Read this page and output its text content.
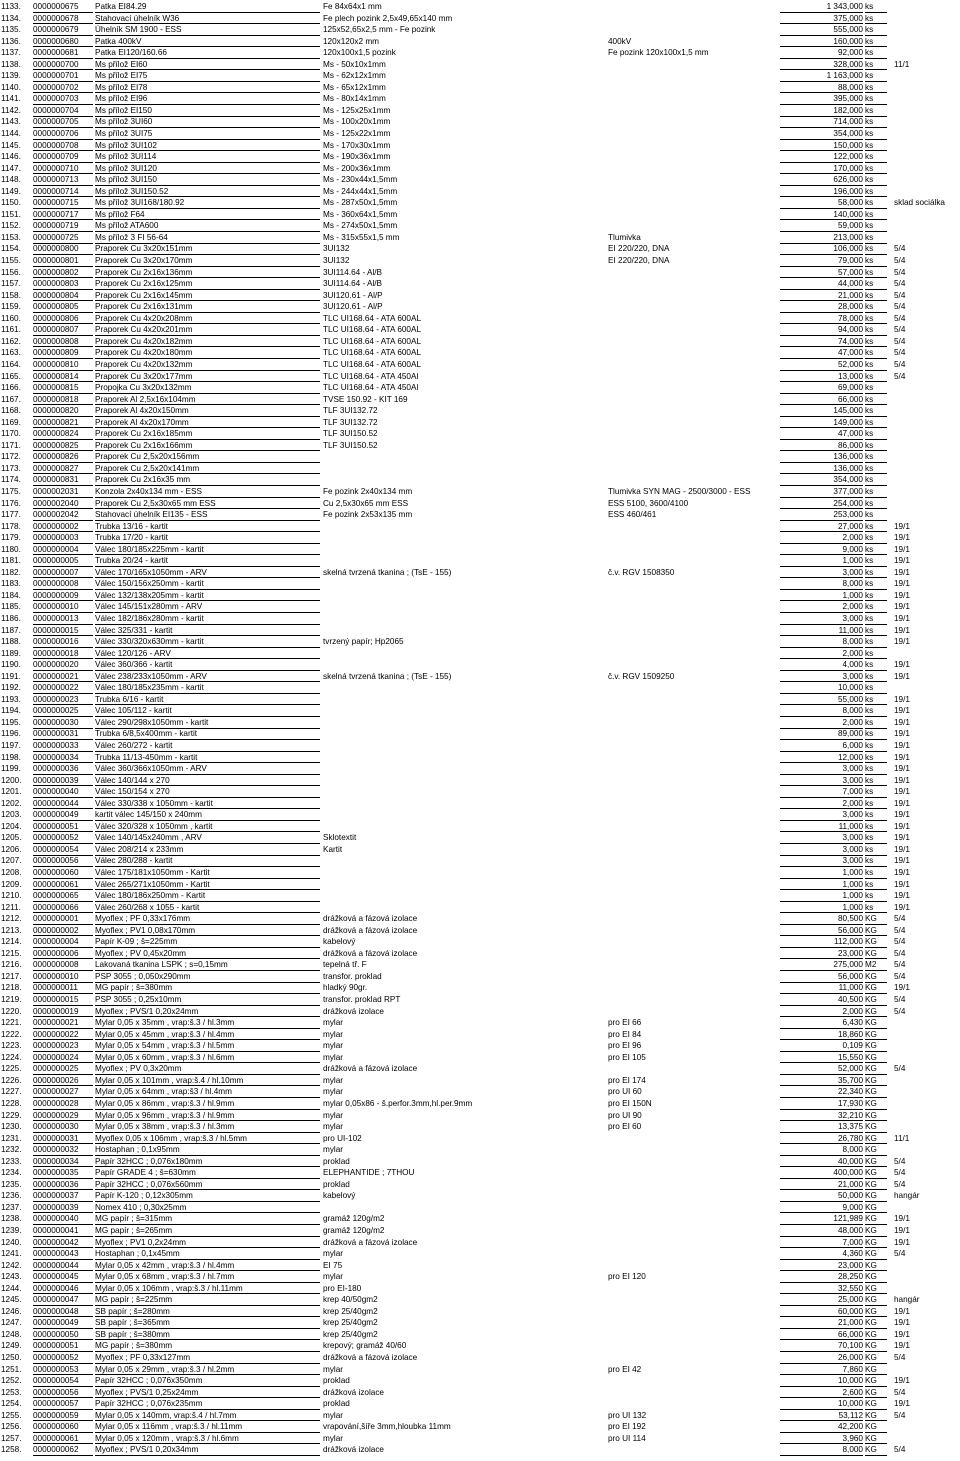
1133.	0000000675	Patka EI84.29	Fe 84x64x1 mm	1 343,000 ks
1134.	0000000678	Stahovací úhelník W36	Fe plech pozink 2,5x49,65x140 mm	375,000 ks
1135.	0000000679	Úhelník SM 1900 - ESS	125x52,65x2,5 mm - Fe pozink	555,000 ks
1136.	0000000680	Patka 400kV	120x120x2 mm	400kV	160,000 ks
1137.	0000000681	Patka EI120/160.66	120x100x1,5 pozink	Fe pozink 120x100x1,5 mm	92,000 ks
1138.	0000000700	Ms přílož EI60	Ms - 50x10x1mm	328,000 ks	11/1
1139.	0000000701	Ms přílož EI75	Ms - 62x12x1mm	1 163,000 ks
1140.	0000000702	Ms přílož EI78	Ms - 65x12x1mm	88,000 ks
1141.	0000000703	Ms přílož EI96	Ms - 80x14x1mm	395,000 ks
1142.	0000000704	Ms přílož EI150	Ms - 125x25x1mm	182,000 ks
1143.	0000000705	Ms přílož 3UI60	Ms - 100x20x1mm	714,000 ks
1144.	0000000706	Ms přílož 3UI75	Ms - 125x22x1mm	354,000 ks
1145.	0000000708	Ms přílož 3UI102	Ms - 170x30x1mm	150,000 ks
1146.	0000000709	Ms přílož 3UI114	Ms - 190x36x1mm	122,000 ks
1147.	0000000710	Ms přílož 3UI120	Ms - 200x36x1mm	170,000 ks
1148.	0000000713	Ms přílož 3UI150	Ms - 230x44x1,5mm	626,000 ks
1149.	0000000714	Ms přílož 3UI150.52	Ms - 244x44x1,5mm	196,000 ks
1150.	0000000715	Ms přílož 3UI168/180.92	Ms - 287x50x1,5mm	58,000 ks	sklad sociálka
1151.	0000000717	Ms přílož F64	Ms - 360x64x1,5mm	140,000 ks
1152.	0000000719	Ms přílož ATA600	Ms - 274x50x1,5mm	59,000 ks
1153.	0000000725	Ms přílož 3 FI 56-64	Ms - 315x55x1,5 mm	Tlumivka	213,000 ks
1154.	0000000800	Praporek Cu 3x20x151mm	3UI132	EI 220/220, DNA	106,000 ks	5/4
1155.	0000000801	Praporek Cu 3x20x170mm	3UI132	EI 220/220, DNA	79,000 ks	5/4
1156.	0000000802	Praporek Cu 2x16x136mm	3UI114.64 - Al/B	57,000 ks	5/4
1157.	0000000803	Praporek Cu 2x16x125mm	3UI114.64 - Al/B	44,000 ks	5/4
1158.	0000000804	Praporek Cu 2x16x145mm	3UI120.61 - Al/P	21,000 ks	5/4
1159.	0000000805	Praporek Cu 2x16x131mm	3UI120.61 - Al/P	28,000 ks	5/4
1160.	0000000806	Praporek Cu 4x20x208mm	TLC UI168.64 - ATA 600AL	78,000 ks	5/4
1161.	0000000807	Praporek Cu 4x20x201mm	TLC UI168.64 - ATA 600AL	94,000 ks	5/4
1162.	0000000808	Praporek Cu 4x20x182mm	TLC UI168.64 - ATA 600AL	74,000 ks	5/4
1163.	0000000809	Praporek Cu 4x20x180mm	TLC UI168.64 - ATA 600AL	47,000 ks	5/4
1164.	0000000810	Praporek Cu 4x20x132mm	TLC UI168.64 - ATA 600AL	52,000 ks	5/4
1165.	0000000814	Praporek Cu 3x20x177mm	TLC UI168.64 - ATA 450Al	13,000 ks	5/4
1166.	0000000815	Propojka Cu 3x20x132mm	TLC UI168.64 - ATA 450Al	69,000 ks
1167.	0000000818	Praporek Al 2,5x16x104mm	TVSE 150.92 - KIT 169	66,000 ks
1168.	0000000820	Praporek Al 4x20x150mm	TLF 3UI132.72	145,000 ks
1169.	0000000821	Praporek Al 4x20x170mm	TLF 3UI132.72	149,000 ks
1170.	0000000824	Praporek Cu 2x16x185mm	TLF 3UI150.52	47,000 ks
1171.	0000000825	Praporek Cu 2x16x166mm	TLF 3UI150.52	86,000 ks
1172.	0000000826	Praporek Cu 2,5x20x156mm	136,000 ks
1173.	0000000827	Praporek Cu 2,5x20x141mm	136,000 ks
1174.	0000000831	Praporek Cu 2x16x35 mm	354,000 ks
1175.	0000002031	Konzola 2x40x134 mm - ESS	Fe pozink 2x40x134 mm	Tlumivka SYN MAG - 2500/3000 - ESS	377,000 ks
1176.	0000002040	Praporek Cu 2,5x30x65 mm ESS	Cu 2,5x30x65 mm ESS	ESS 5100, 3600/4100	254,000 ks
1177.	0000002042	Stahovací úhelník EI135 - ESS	Fe pozink 2x53x135 mm	ESS 460/461	253,000 ks
1178.	0000000002	Trubka 13/16 - kartit	27,000 ks	19/1
1179.	0000000003	Trubka 17/20 - kartit	2,000 ks	19/1
1180.	0000000004	Válec 180/185x225mm - kartit	9,000 ks	19/1
1181.	0000000005	Trubka 20/24 - kartit	1,000 ks	19/1
1182.	0000000007	Válec 170/165x1050mm - ARV	skelná tvrzená tkanina ; (TsE - 155)	č.v. RGV 1508350	3,000 ks	19/1
1183.	0000000008	Válec 150/156x250mm - kartit	8,000 ks	19/1
1184.	0000000009	Válec 132/138x205mm - kartit	1,000 ks	19/1
1185.	0000000010	Válec 145/151x280mm - ARV	2,000 ks	19/1
1186.	0000000013	Válec 182/186x280mm - kartit	3,000 ks	19/1
1187.	0000000015	Válec 325/331 - kartit	11,000 ks	19/1
1188.	0000000016	Válec 330/320x630mm - kartit	tvrzený papír; Hp2065	8,000 ks	19/1
1189.	0000000018	Válec 120/126 - ARV	2,000 ks
1190.	0000000020	Válec 360/366 - kartit	4,000 ks	19/1
1191.	0000000021	Válec 238/233x1050mm - ARV	skelná tvrzená tkanina ; (TsE - 155)	č.v. RGV 1509250	3,000 ks	19/1
1192.	0000000022	Válec 180/185x235mm - kartit	10,000 ks
1193.	0000000023	Trubka 6/16 - kartit	55,000 ks	19/1
1194.	0000000025	Válec 105/112 - kartit	8,000 ks	19/1
1195.	0000000030	Válec 290/298x1050mm - kartit	2,000 ks	19/1
1196.	0000000031	Trubka 6/8,5x400mm - kartit	89,000 ks	19/1
1197.	0000000033	Válec 260/272 - kartit	6,000 ks	19/1
1198.	0000000034	Trubka 11/13-450mm - kartit	12,000 ks	19/1
1199.	0000000036	Válec 360/366x1050mm - ARV	3,000 ks	19/1
1200.	0000000039	Válec 140/144 x 270	3,000 ks	19/1
1201.	0000000040	Válec 150/154 x 270	7,000 ks	19/1
1202.	0000000044	Válec 330/338 x 1050mm - kartit	2,000 ks	19/1
1203.	0000000049	kartit válec 145/150 x 240mm	3,000 ks	19/1
1204.	0000000051	Válec 320/328 x 1050mm , kartit	11,000 ks	19/1
1205.	0000000052	Válec 140/145x240mm , ARV	Sklotextit	3,000 ks	19/1
1206.	0000000054	Válec 208/214 x 233mm	Kartit	3,000 ks	19/1
1207.	0000000056	Válec 280/288 - kartit	3,000 ks	19/1
1208.	0000000060	Válec 175/181x1050mm - Kartit	1,000 ks	19/1
1209.	0000000061	Válec 265/271x1050mm - Kartit	1,000 ks	19/1
1210.	0000000065	Válec 180/186x250mm - Kartit	1,000 ks	19/1
1211.	0000000066	Válec 260/268 x 1055 - kartit	1,000 ks	19/1
1212.	0000000001	Myoflex ; PF 0,33x176mm	drážková a fázová izolace	80,500 KG	5/4
1213.	0000000002	Myoflex ; PV1 0,08x170mm	drážková a fázová izolace	56,000 KG	5/4
1214.	0000000004	Papír K-09 ; š=225mm	kabelový	112,000 KG	5/4
1215.	0000000006	Myoflex ; PV 0,45x20mm	drážková a fázová izolace	23,000 KG	5/4
1216.	0000000008	Lakovaná tkanina LSPK ; s=0,15mm	tepelná tř. F	275,000 M2	5/4
1217.	0000000010	PSP 3055 ; 0,050x290mm	transfor. proklad	56,000 KG	5/4
1218.	0000000011	MG papír ; š=380mm	hladký 90gr.	11,000 KG	19/1
1219.	0000000015	PSP 3055 ; 0,25x10mm	transfor. proklad RPT	40,500 KG	5/4
1220.	0000000019	Myoflex ; PVS/1 0,20x24mm	drážková izolace	2,000 KG	5/4
1221.	0000000021	Mylar 0,05 x 35mm , vrap:š.3 / hl.3mm	mylar	pro EI 66	6,430 KG
1222.	0000000022	Mylar 0,05 x 45mm , vrap:š.3 / hl.4mm	mylar	pro EI 84	18,860 KG
1223.	0000000023	Mylar 0,05 x 54mm , vrap:š.3 / hl.5mm	mylar	pro EI 96	0,109 KG
1224.	0000000024	Mylar 0,05 x 60mm , vrap:š.3 / hl.6mm	mylar	pro EI 105	15,550 KG
1225.	0000000025	Myoflex ; PV 0,3x20mm	drážková a fázová izolace	52,000 KG	5/4
1226.	0000000026	Mylar 0,05 x 101mm , vrap:š.4 / hl.10mm	mylar	pro EI 174	35,700 KG
1227.	0000000027	Mylar 0,05 x 64mm , vrap:š3 / hl.4mm	mylar	pro UI 60	22,340 KG
1228.	0000000028	Mylar 0,05 x 86mm , vrap:š.3 / hl.9mm	mylar 0,05x86 - š.perfor.3mm,hl.per.9mm	pro EI 150N	17,930 KG
1229.	0000000029	Mylar 0,05 x 96mm , vrap:š.3 / hl.9mm	mylar	pro UI 90	32,210 KG
1230.	0000000030	Mylar 0,05 x 38mm , vrap:š.3 / hl.3mm	mylar	pro EI 60	13,375 KG
1231.	0000000031	Myoflex 0,05 x 106mm , vrap:š.3 / hl.5mm	pro UI-102	26,780 KG	11/1
1232.	0000000032	Hostaphan ; 0,1x95mm	mylar	8,000 KG
1233.	0000000034	Papír 32HCC ; 0,076x180mm	proklad	40,000 KG	5/4
1234.	0000000035	Papír GRADE 4 ; š=630mm	ELEPHANTIDE ; 7THOU	400,000 KG	5/4
1235.	0000000036	Papír 32HCC ; 0,076x560mm	proklad	21,000 KG	5/4
1236.	0000000037	Papír K-120 ; 0,12x305mm	kabelový	50,000 KG	hangár
1237.	0000000039	Nomex 410 ; 0,30x25mm	9,000 KG
1238.	0000000040	MG papír ; š=315mm	gramáž 120g/m2	121,989 KG	19/1
1239.	0000000041	MG papír ; š=265mm	gramáž 120g/m2	48,000 KG	19/1
1240.	0000000042	Myoflex ; PV1 0,2x24mm	drážková a fázová izolace	7,000 KG	19/1
1241.	0000000043	Hostaphan ; 0,1x45mm	mylar	4,360 KG	5/4
1242.	0000000044	Mylar 0,05 x 42mm , vrap:š.3 / hl.4mm	EI 75	23,000 KG
1243.	0000000045	Mylar 0,05 x 68mm , vrap:š.3 / hl.7mm	mylar	pro EI 120	28,250 KG
1244.	0000000046	Mylar 0,05 x 106mm , vrap:š.3 / hl.11mm	pro EI-180	32,550 KG
1245.	0000000047	MG papír ; š=225mm	krep 40/50gm2	25,000 KG	hangár
1246.	0000000048	SB papír ; š=280mm	krep 25/40gm2	60,000 KG	19/1
1247.	0000000049	SB papír ; š=365mm	krep 25/40gm2	21,000 KG	19/1
1248.	0000000050	SB papír ; š=380mm	krep 25/40gm2	66,000 KG	19/1
1249.	0000000051	MG papír ; š=380mm	krepový; gramáž 40/60	70,100 KG	19/1
1250.	0000000052	Myoflex ; PF 0,33x127mm	drážková a fázová izolace	26,000 KG	5/4
1251.	0000000053	Mylar 0,05 x 29mm , vrap:š.3 / hl.2mm	mylar	pro EI 42	7,860 KG
1252.	0000000054	Papír 32HCC ; 0,076x350mm	proklad	10,000 KG	19/1
1253.	0000000056	Myoflex ; PVS/1 0,25x24mm	drážková izolace	2,600 KG	5/4
1254.	0000000057	Papír 32HCC ; 0,076x235mm	proklad	10,000 KG	19/1
1255.	0000000059	Mylar 0,05 x 140mm, vrap:š.4 / hl.7mm	mylar	pro UI 132	53,112 KG	5/4
1256.	0000000060	Mylar 0,05 x 116mm , vrap:š.3 / hl.11mm	vrapování,šíře 3mm,hloubka 11mm	pro EI 192	42,200 KG
1257.	0000000061	Mylar 0,05 x 120mm , vrap:š.3 / hl.6mm	mylar	pro UI 114	3,960 KG
1258.	0000000062	Myoflex ; PVS/1 0,20x34mm	drážková izolace	8,000 KG	5/4
